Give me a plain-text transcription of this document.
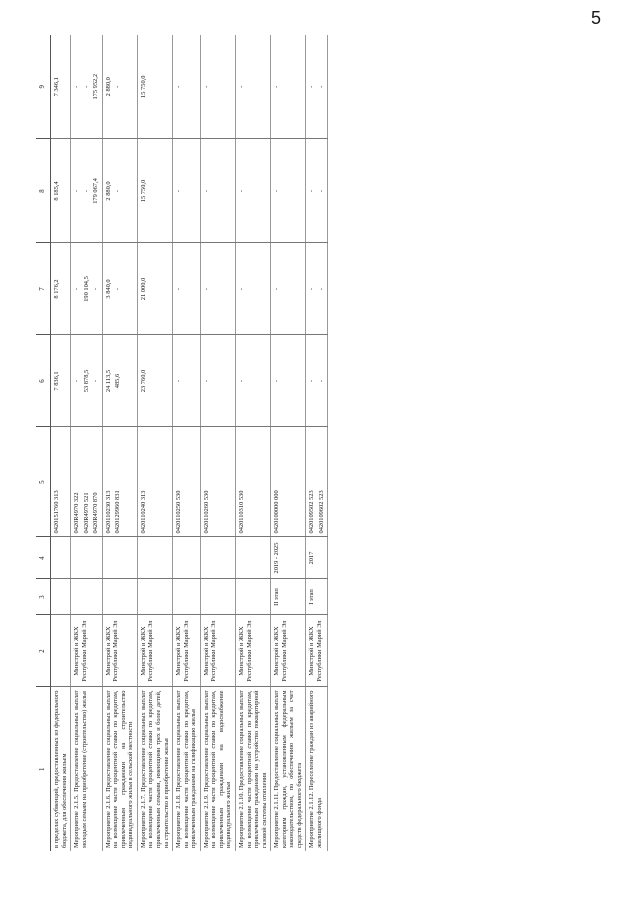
5
1	2	3	4	5	6	7	8	9
в пределах субвенций, предоставленных из федерального бюджета, для обеспечения жильем				0420151760 313	7 836,1	8 176,2	8 185,4	7 346,1

Мероприятие 2.1.5. Предоставление социальных выплат молодым семьям на приобретение (строительство) жилья	Минстрой и ЖКХ Республики Марий Эл			0420R4970 322 0420R4970 521 0420R4970 870	- 53 878,5 -	- 190 104,5 -	- - 179 067,4	- - 175 952,2

Мероприятие 2.1.6. Предоставление социальных выплат на возмещение части процентной ставки по кредитам, привлеченным гражданами на строительство индивидуального жилья в сельской местности	Минстрой и ЖКХ Республики Марий Эл			0420110230 313 0420129960 831	24 113,5 485,6	3 840,0 -	2 880,0 -	2 880,0 -

Мероприятие 2.1.7. Предоставление социальных выплат на возмещение части процентной ставки по кредитам, привлеченным семьями, имеющими трех и более детей, на строительство и приобретение жилья	Минстрой и ЖКХ Республики Марий Эл			0420110240 313	23 760,0	21 000,0	15 750,0	15 750,0

Мероприятие 2.1.8. Предоставление социальных выплат на возмещение части процентной ставки по кредитам, привлеченным гражданами на газификацию жилья	Минстрой и ЖКХ Республики Марий Эл			0420110250 530	-	-	-	-

Мероприятие 2.1.9. Предоставление социальных выплат на возмещение части процентной ставки по кредитам, привлеченным гражданами на водоснабжение индивидуального жилья	Минстрой и ЖКХ Республики Марий Эл			0420110260 530	-	-	-	-

Мероприятие 2.1.10. Предоставление социальных выплат на возмещение части процентной ставки по кредитам, привлеченным гражданами на устройство поквартирной газовой системы отопления	Минстрой и ЖКХ Республики Марий Эл			0420110310 530	-	-	-	-

Мероприятие 2.1.11. Предоставление социальных выплат категориям граждан, установленным федеральным законодательством, по обеспечению жильем за счет средств федерального бюджета	Минстрой и ЖКХ Республики Марий Эл	II этап	2019 - 2025	0420100000 000	-	-	-	-

Мероприятие 2.1.12. Переселение граждан из аварийного жилищного фонда	Минстрой и ЖКХ Республики Марий Эл	I этап	2017	0420109502 523 0420109602 523	- -	- -	- -	- -
